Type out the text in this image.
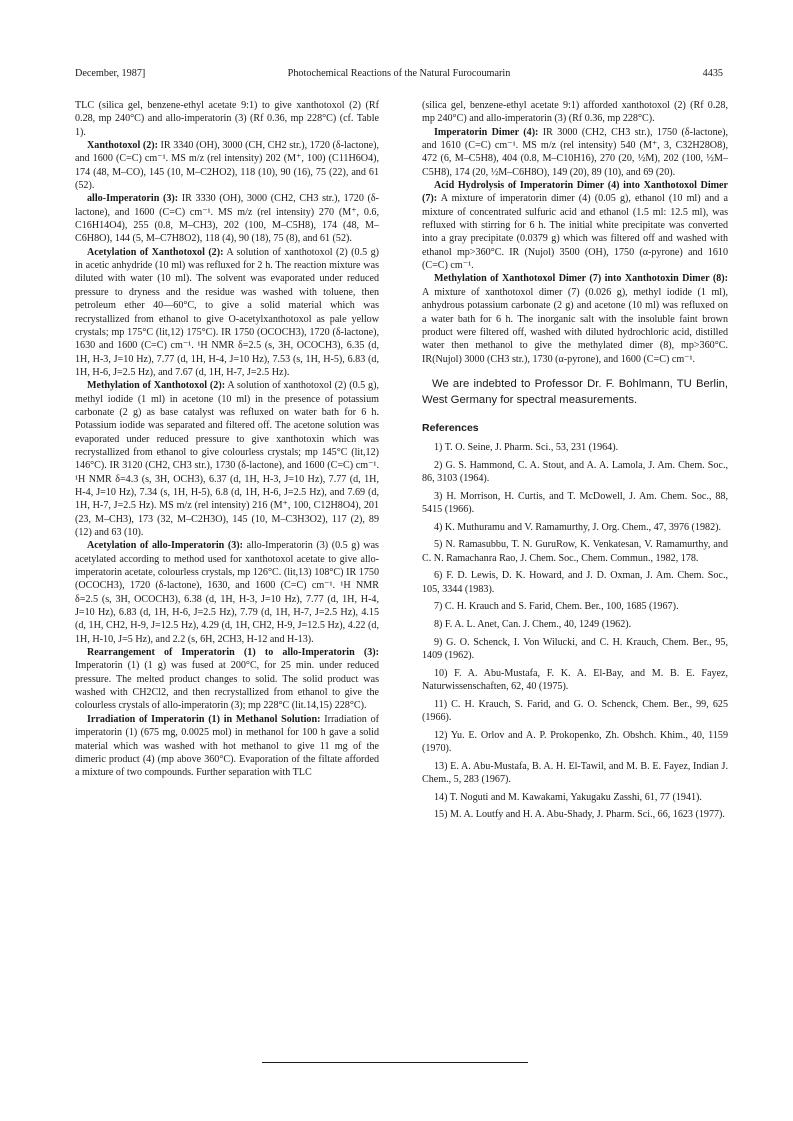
December, 1987]	Photochemical Reactions of the Natural Furocoumarin	4435

TLC (silica gel, benzene-ethyl acetate 9:1) to give xanthotoxol (2) (Rf 0.28, mp 240°C) and allo-imperatorin (3) (Rf 0.36, mp 228°C) (cf. Table 1).

Xanthotoxol (2): IR 3340 (OH), 3000 (CH, CH2 str.), 1720 (δ-lactone), and 1600 (C=C) cm⁻¹. MS m/z (rel intensity) 202 (M⁺, 100) (C11H6O4), 174 (48, M–CO), 145 (10, M–C2HO2), 118 (10), 90 (16), 75 (22), and 61 (52).

allo-Imperatorin (3): IR 3330 (OH), 3000 (CH2, CH3 str.), 1720 (δ-lactone), and 1600 (C=C) cm⁻¹. MS m/z (rel intensity) 270 (M⁺, 0.6, C16H14O4), 255 (0.8, M–CH3), 202 (100, M–C5H8), 174 (48, M–C6H8O), 144 (5, M–C7H8O2), 118 (4), 90 (18), 75 (8), and 61 (52).

Acetylation of Xanthotoxol (2): A solution of xanthotoxol (2) (0.5 g) in acetic anhydride (10 ml) was refluxed for 2 h. The reaction mixture was diluted with water (10 ml). The solvent was evaporated under reduced pressure to dryness and the residue was washed with toluene, then petroleum ether 40—60°C, to give a solid material which was recrystallized from ethanol to give O-acetylxanthotoxol as pale yellow crystals; mp 175°C (lit,12) 175°C). IR 1750 (OCOCH3), 1720 (δ-lactone), 1630 and 1600 (C=C) cm⁻¹. ¹H NMR δ=2.5 (s, 3H, OCOCH3), 6.35 (d, 1H, H-3, J=10 Hz), 7.77 (d, 1H, H-4, J=10 Hz), 7.53 (s, 1H, H-5), 6.83 (d, 1H, H-6, J=2.5 Hz), and 7.67 (d, 1H, H-7, J=2.5 Hz).

Methylation of Xanthotoxol (2): A solution of xanthotoxol (2) (0.5 g), methyl iodide (1 ml) in acetone (10 ml) in the presence of potassium carbonate (2 g) as base catalyst was refluxed on water bath for 6 h. Potassium iodide was separated and filtered off. The acetone solution was evaporated under reduced pressure to give xanthotoxin which was recrystallized from ethanol to give colourless crystals; mp 145°C (lit,12) 146°C). IR 3120 (CH2, CH3 str.), 1730 (δ-lactone), and 1600 (C=C) cm⁻¹. ¹H NMR δ=4.3 (s, 3H, OCH3), 6.37 (d, 1H, H-3, J=10 Hz), 7.77 (d, 1H, H-4, J=10 Hz), 7.34 (s, 1H, H-5), 6.8 (d, 1H, H-6, J=2.5 Hz), and 7.69 (d, 1H, H-7, J=2.5 Hz). MS m/z (rel intensity) 216 (M⁺, 100, C12H8O4), 201 (23, M–CH3), 173 (32, M–C2H3O), 145 (10, M–C3H3O2), 117 (2), 89 (12) and 63 (10).

Acetylation of allo-Imperatorin (3): allo-Imperatorin (3) (0.5 g) was acetylated according to method used for xanthotoxol acetate to give allo-imperatorin acetate, colourless crystals, mp 126°C. (lit,13) 108°C) IR 1750 (OCOCH3), 1720 (δ-lactone), 1630, and 1600 (C=C) cm⁻¹. ¹H NMR δ=2.5 (s, 3H, OCOCH3), 6.38 (d, 1H, H-3, J=10 Hz), 7.77 (d, 1H, H-4, J=10 Hz), 6.83 (d, 1H, H-6, J=2.5 Hz), 7.79 (d, 1H, H-7, J=2.5 Hz), 4.15 (d, 1H, CH2, H-9, J=12.5 Hz), 4.29 (d, 1H, CH2, H-9, J=12.5 Hz), 4.22 (d, 1H, H-10, J=5 Hz), and 2.2 (s, 6H, 2CH3, H-12 and H-13).

Rearrangement of Imperatorin (1) to allo-Imperatorin (3): Imperatorin (1) (1 g) was fused at 200°C, for 25 min. under reduced pressure. The melted product changes to solid. The solid product was washed with CH2Cl2, and then recrystallized from ethanol to give the colourless crystals of allo-imperatorin (3); mp 228°C (lit.14,15) 228°C).

Irradiation of Imperatorin (1) in Methanol Solution: Irradiation of imperatorin (1) (675 mg, 0.0025 mol) in methanol for 100 h gave a solid material which was washed with hot methanol to give 11 mg of the dimeric product (4) (mp above 360°C). Evaporation of the filtate afforded a mixture of two compounds. Further separation with TLC

(silica gel, benzene-ethyl acetate 9:1) afforded xanthotoxol (2) (Rf 0.28, mp 240°C) and allo-imperatorin (3) (Rf 0.36, mp 228°C).

Imperatorin Dimer (4): IR 3000 (CH2, CH3 str.), 1750 (δ-lactone), and 1610 (C=C) cm⁻¹. MS m/z (rel intensity) 540 (M⁺, 3, C32H28O8), 472 (6, M–C5H8), 404 (0.8, M–C10H16), 270 (20, ½M), 202 (100, ½M–C5H8), 174 (20, ½M–C6H8O), 149 (20), 89 (10), and 69 (20).

Acid Hydrolysis of Imperatorin Dimer (4) into Xanthotoxol Dimer (7): A mixture of imperatorin dimer (4) (0.05 g), ethanol (10 ml) and a mixture of concentrated sulfuric acid and ethanol (1.5 ml: 12.5 ml), was refluxed with stirring for 6 h. The initial white precipitate was converted into a gray precipitate (0.0379 g) which was filtered off and washed with ethanol mp>360°C. IR (Nujol) 3500 (OH), 1750 (α-pyrone) and 1610 (C=C) cm⁻¹.

Methylation of Xanthotoxol Dimer (7) into Xanthotoxin Dimer (8): A mixture of xanthotoxol dimer (7) (0.026 g), methyl iodide (1 ml), anhydrous potassium carbonate (2 g) and acetone (10 ml) was refluxed on a water bath for 6 h. The inorganic salt with the insoluble faint brown product were filtered off, washed with diluted hydrochloric acid, distilled water then methanol to give the methylated dimer (8), mp>360°C. IR(Nujol) 3000 (CH3 str.), 1730 (α-pyrone), and 1600 (C=C) cm⁻¹.

We are indebted to Professor Dr. F. Bohlmann, TU Berlin, West Germany for spectral measurements.

References

1) T. O. Seine, J. Pharm. Sci., 53, 231 (1964).

2) G. S. Hammond, C. A. Stout, and A. A. Lamola, J. Am. Chem. Soc., 86, 3103 (1964).

3) H. Morrison, H. Curtis, and T. McDowell, J. Am. Chem. Soc., 88, 5415 (1966).

4) K. Muthuramu and V. Ramamurthy, J. Org. Chem., 47, 3976 (1982).

5) N. Ramasubbu, T. N. GuruRow, K. Venkatesan, V. Ramamurthy, and C. N. Ramachanra Rao, J. Chem. Soc., Chem. Commun., 1982, 178.

6) F. D. Lewis, D. K. Howard, and J. D. Oxman, J. Am. Chem. Soc., 105, 3344 (1983).

7) C. H. Krauch and S. Farid, Chem. Ber., 100, 1685 (1967).

8) F. A. L. Anet, Can. J. Chem., 40, 1249 (1962).

9) G. O. Schenck, I. Von Wilucki, and C. H. Krauch, Chem. Ber., 95, 1409 (1962).

10) F. A. Abu-Mustafa, F. K. A. El-Bay, and M. B. E. Fayez, Naturwissenschaften, 62, 40 (1975).

11) C. H. Krauch, S. Farid, and G. O. Schenck, Chem. Ber., 99, 625 (1966).

12) Yu. E. Orlov and A. P. Prokopenko, Zh. Obshch. Khim., 40, 1159 (1970).

13) E. A. Abu-Mustafa, B. A. H. El-Tawil, and M. B. E. Fayez, Indian J. Chem., 5, 283 (1967).

14) T. Noguti and M. Kawakami, Yakugaku Zasshi, 61, 77 (1941).

15) M. A. Loutfy and H. A. Abu-Shady, J. Pharm. Sci., 66, 1623 (1977).
